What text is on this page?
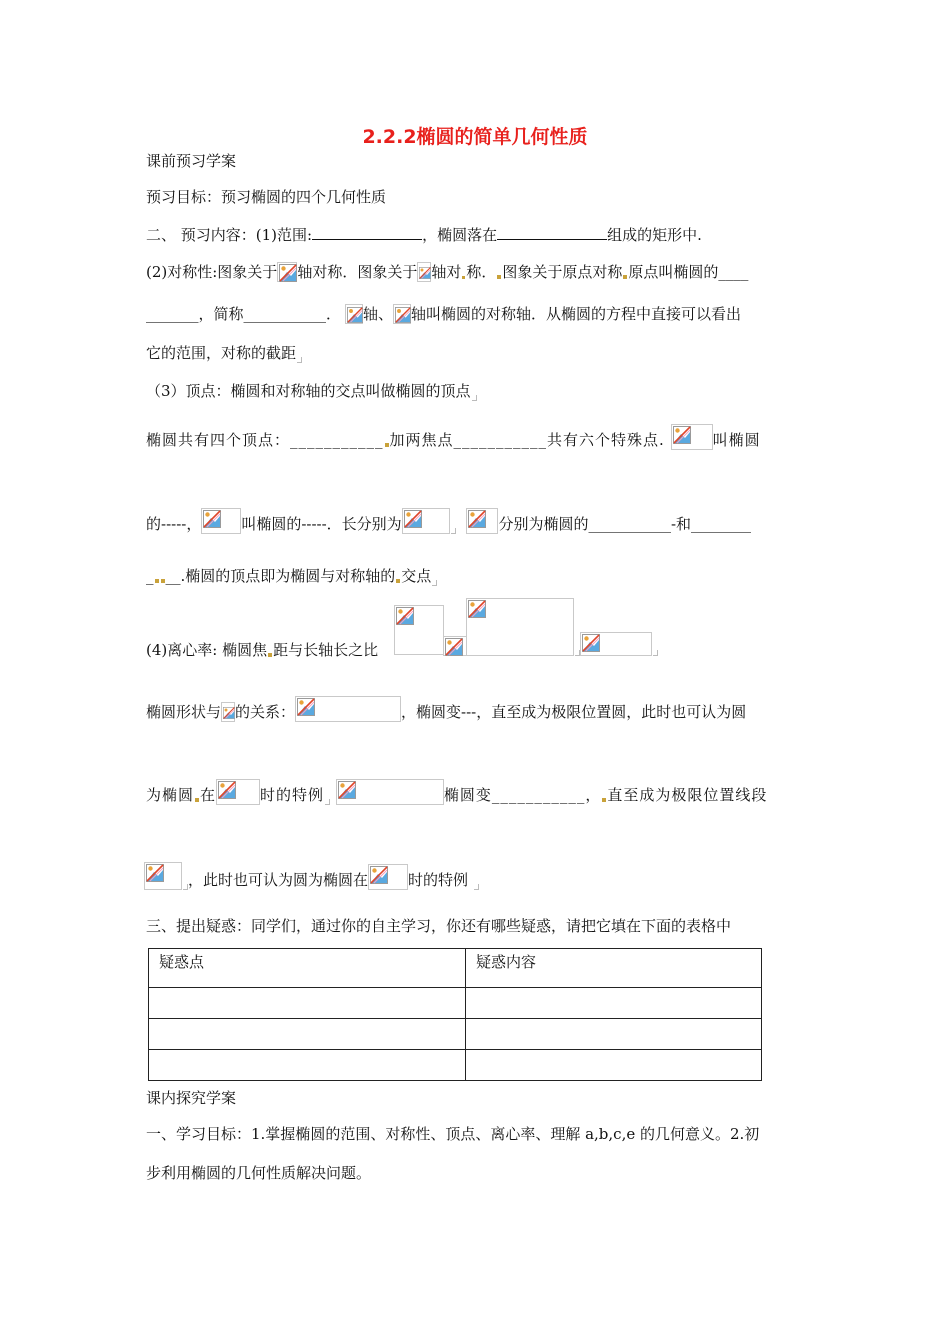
2.2.2椭圆的简单几何性质
课前预习学案
预习目标：预习椭圆的四个几何性质
二、 预习内容：(1)范围:	，椭圆落在	组成的矩形中.
(2)对称性:图象关于 轴对称．图象关于 轴对 称． 图象关于原点对称 原点叫椭圆的____
_______，简称___________． 轴、 轴叫椭圆的对称轴．从椭圆的方程中直接可以看出
它的范围，对称的截距
（3）顶点：椭圆和对称轴的交点叫做椭圆的顶点
椭圆共有四个顶点：___________ 加两焦点___________共有六个特殊点.	叫椭圆
的-----，	叫椭圆的-----．长分别为
	分别为椭圆的___________-和________
_ __.椭圆的顶点即为椭圆与对称轴的 交点
(4)离心率: 椭圆焦 距与长轴长之比
椭圆形状与 的关系：	，椭圆变---，直至成为极限位置圆，此时也可认为圆
为椭圆 在	时的特例	椭圆变___________， 直至成为极限位置线段
，此时也可认为圆为椭圆在	时的特例
三、提出疑惑：同学们，通过你的自主学习，你还有哪些疑惑，请把它填在下面的表格中
疑惑点	疑惑内容

课内探究学案
一、学习目标：1.掌握椭圆的范围、对称性、顶点、离心率、理解 a,b,c,e 的几何意义。2.初
步利用椭圆的几何性质解决问题。
